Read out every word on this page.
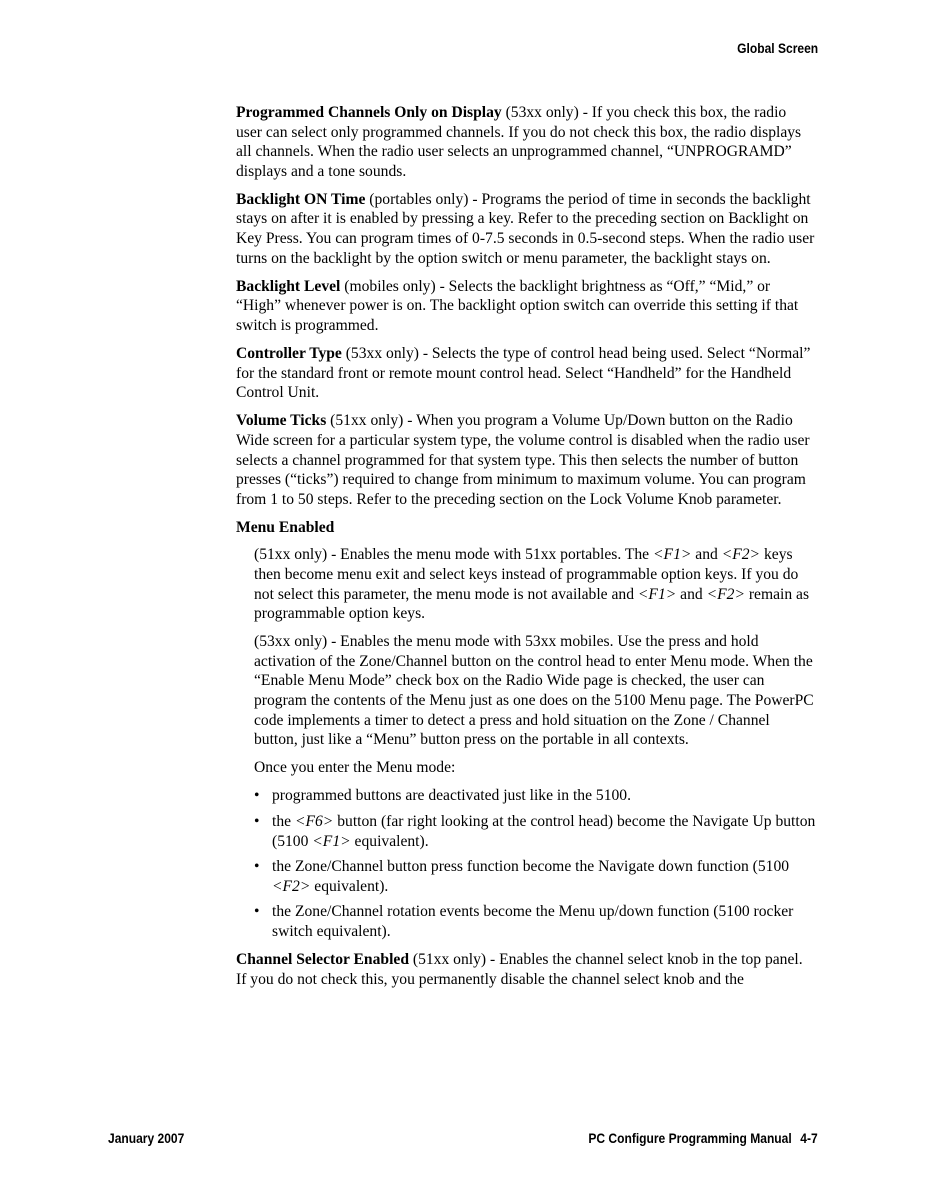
Global Screen

Programmed Channels Only on Display (53xx only) - If you check this box, the radio user can select only programmed channels. If you do not check this box, the radio displays all channels. When the radio user selects an unprogrammed channel, “UNPROGRAMD” displays and a tone sounds.

Backlight ON Time (portables only) - Programs the period of time in seconds the backlight stays on after it is enabled by pressing a key. Refer to the preceding section on Backlight on Key Press. You can program times of 0-7.5 seconds in 0.5-second steps. When the radio user turns on the backlight by the option switch or menu parameter, the backlight stays on.

Backlight Level (mobiles only) - Selects the backlight brightness as “Off,” “Mid,” or “High” whenever power is on. The backlight option switch can override this setting if that switch is programmed.

Controller Type (53xx only) - Selects the type of control head being used. Select “Normal” for the standard front or remote mount control head. Select “Handheld” for the Handheld Control Unit.

Volume Ticks (51xx only) - When you program a Volume Up/Down button on the Radio Wide screen for a particular system type, the volume control is disabled when the radio user selects a channel programmed for that system type. This then selects the number of button presses (“ticks”) required to change from minimum to maximum volume. You can program from 1 to 50 steps. Refer to the preceding section on the Lock Volume Knob parameter.

Menu Enabled

(51xx only) - Enables the menu mode with 51xx portables. The <F1> and <F2> keys then become menu exit and select keys instead of programmable option keys. If you do not select this parameter, the menu mode is not available and <F1> and <F2> remain as programmable option keys.

(53xx only) - Enables the menu mode with 53xx mobiles. Use the press and hold activation of the Zone/Channel button on the control head to enter Menu mode. When the “Enable Menu Mode” check box on the Radio Wide page is checked, the user can program the contents of the Menu just as one does on the 5100 Menu page. The PowerPC code implements a timer to detect a press and hold situation on the Zone / Channel button, just like a “Menu” button press on the portable in all contexts.

Once you enter the Menu mode:

• programmed buttons are deactivated just like in the 5100.
• the <F6> button (far right looking at the control head) become the Navigate Up button (5100 <F1> equivalent).
• the Zone/Channel button press function become the Navigate down function (5100 <F2> equivalent).
• the Zone/Channel rotation events become the Menu up/down function (5100 rocker switch equivalent).

Channel Selector Enabled (51xx only) - Enables the channel select knob in the top panel. If you do not check this, you permanently disable the channel select knob and the

January 2007	PC Configure Programming Manual 4-7
